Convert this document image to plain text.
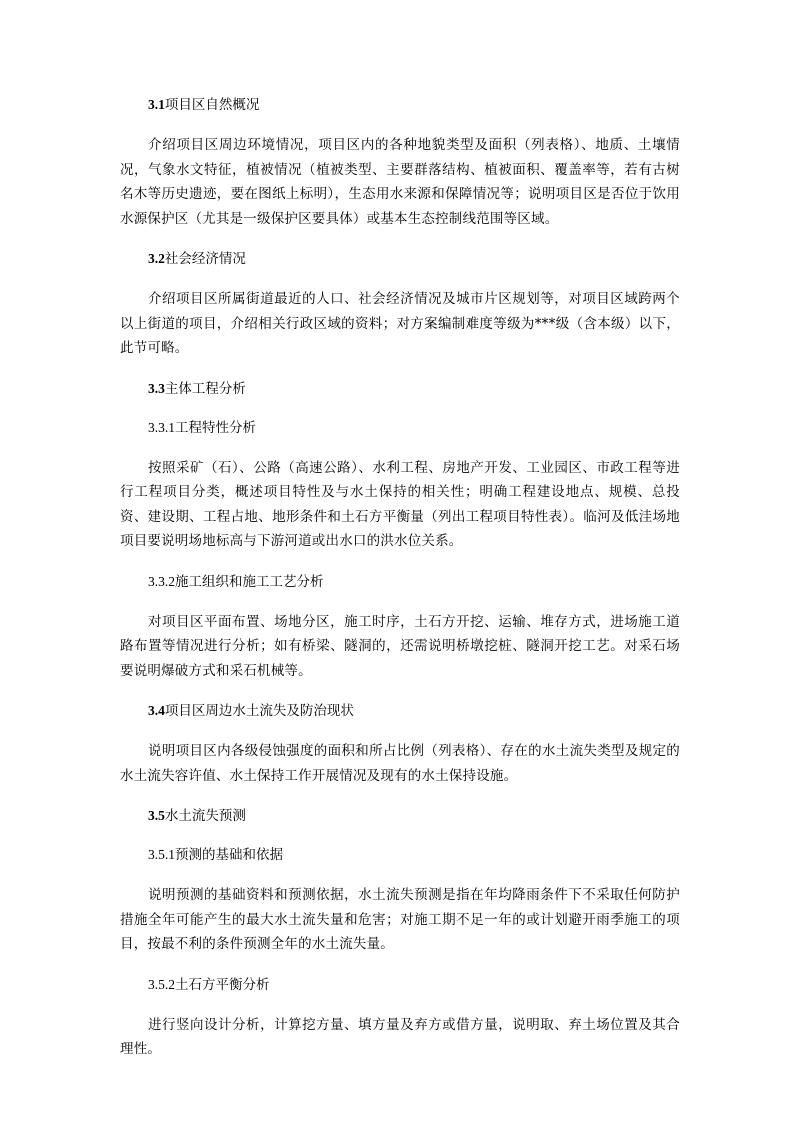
3.1项目区自然概况

介绍项目区周边环境情况，项目区内的各种地貌类型及面积（列表格）、地质、土壤情况，气象水文特征，植被情况（植被类型、主要群落结构、植被面积、覆盖率等，若有古树名木等历史遗迹，要在图纸上标明），生态用水来源和保障情况等；说明项目区是否位于饮用水源保护区（尤其是一级保护区要具体）或基本生态控制线范围等区域。

3.2社会经济情况

介绍项目区所属街道最近的人口、社会经济情况及城市片区规划等，对项目区域跨两个以上街道的项目，介绍相关行政区域的资料；对方案编制难度等级为***级（含本级）以下，此节可略。

3.3主体工程分析
3.3.1工程特性分析

按照采矿（石）、公路（高速公路）、水利工程、房地产开发、工业园区、市政工程等进行工程项目分类，概述项目特性及与水土保持的相关性；明确工程建设地点、规模、总投资、建设期、工程占地、地形条件和土石方平衡量（列出工程项目特性表）。临河及低洼场地项目要说明场地标高与下游河道或出水口的洪水位关系。

3.3.2施工组织和施工工艺分析

对项目区平面布置、场地分区，施工时序，土石方开挖、运输、堆存方式，进场施工道路布置等情况进行分析；如有桥梁、隧洞的，还需说明桥墩挖桩、隧洞开挖工艺。对采石场要说明爆破方式和采石机械等。

3.4项目区周边水土流失及防治现状

说明项目区内各级侵蚀强度的面积和所占比例（列表格）、存在的水土流失类型及规定的水土流失容许值、水土保持工作开展情况及现有的水土保持设施。

3.5水土流失预测
3.5.1预测的基础和依据

说明预测的基础资料和预测依据，水土流失预测是指在年均降雨条件下不采取任何防护措施全年可能产生的最大水土流失量和危害；对施工期不足一年的或计划避开雨季施工的项目，按最不利的条件预测全年的水土流失量。

3.5.2土石方平衡分析

进行竖向设计分析，计算挖方量、填方量及弃方或借方量，说明取、弃土场位置及其合理性。
